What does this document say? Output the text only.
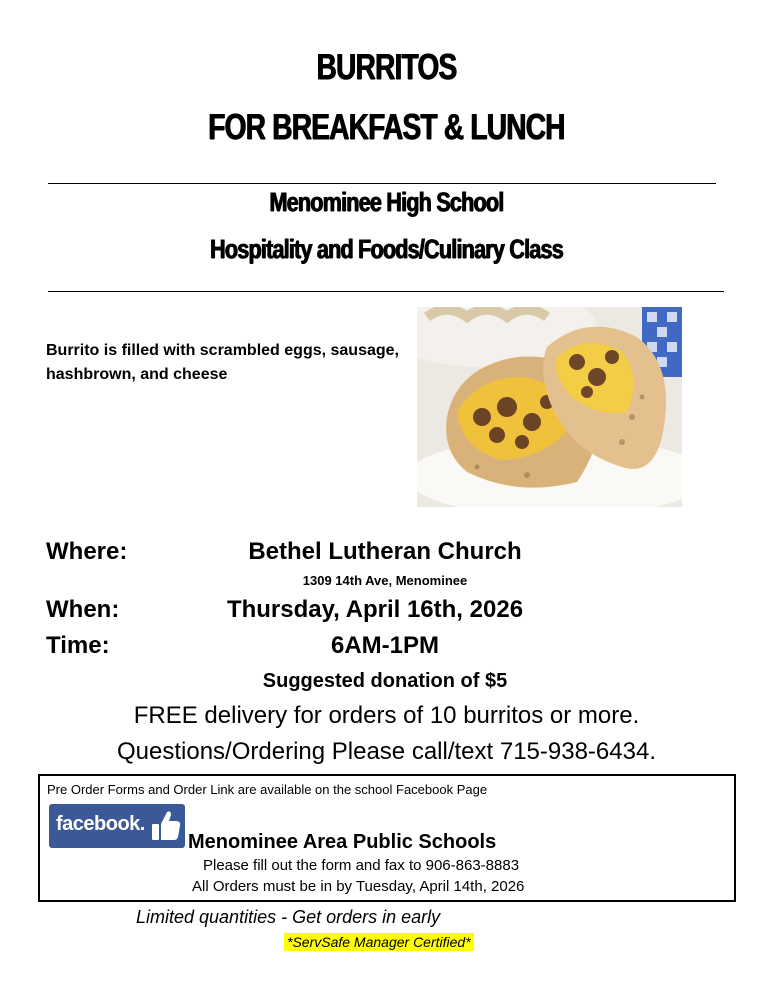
BURRITOS
FOR BREAKFAST & LUNCH
Menominee High School
Hospitality and Foods/Culinary Class
Burrito is filled with scrambled eggs, sausage, hashbrown, and cheese
Where:	Bethel Lutheran Church
1309 14th Ave, Menominee
When:	Thursday, April 16th, 2026
Time:	6AM-1PM
Suggested donation of $5
FREE delivery for orders of 10 burritos or more.
Questions/Ordering Please call/text 715-938-6434.
Pre Order Forms and Order Link are available on the school Facebook Page
facebook.
Menominee Area Public Schools
Please fill out the form and fax to 906-863-8883
All Orders must be in by Tuesday, April 14th, 2026
Limited quantities - Get orders in early
*ServSafe Manager Certified*
